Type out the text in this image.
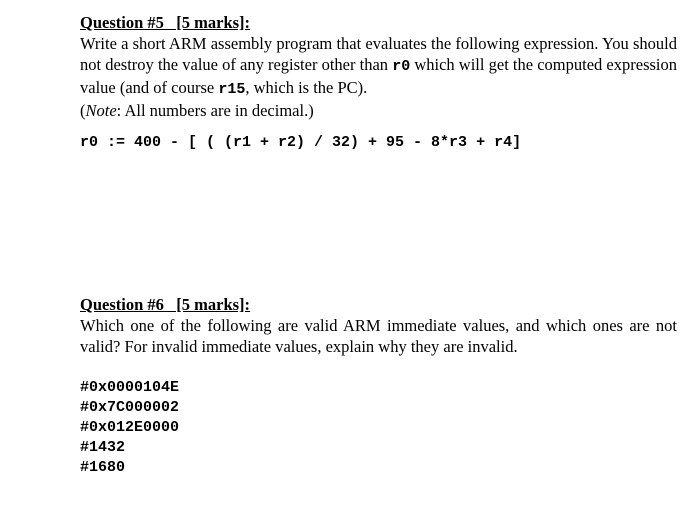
Question #5   [5 marks]:

Write a short ARM assembly program that evaluates the following expression. You should not destroy the value of any register other than r0 which will get the computed expression value (and of course r15, which is the PC).

(Note: All numbers are in decimal.)

r0 := 400 - [ ( (r1 + r2) / 32) + 95 - 8*r3 + r4]
Question #6   [5 marks]:

Which one of the following are valid ARM immediate values, and which ones are not valid? For invalid immediate values, explain why they are invalid.

#0x0000104E
#0x7C000002
#0x012E0000
#1432
#1680
